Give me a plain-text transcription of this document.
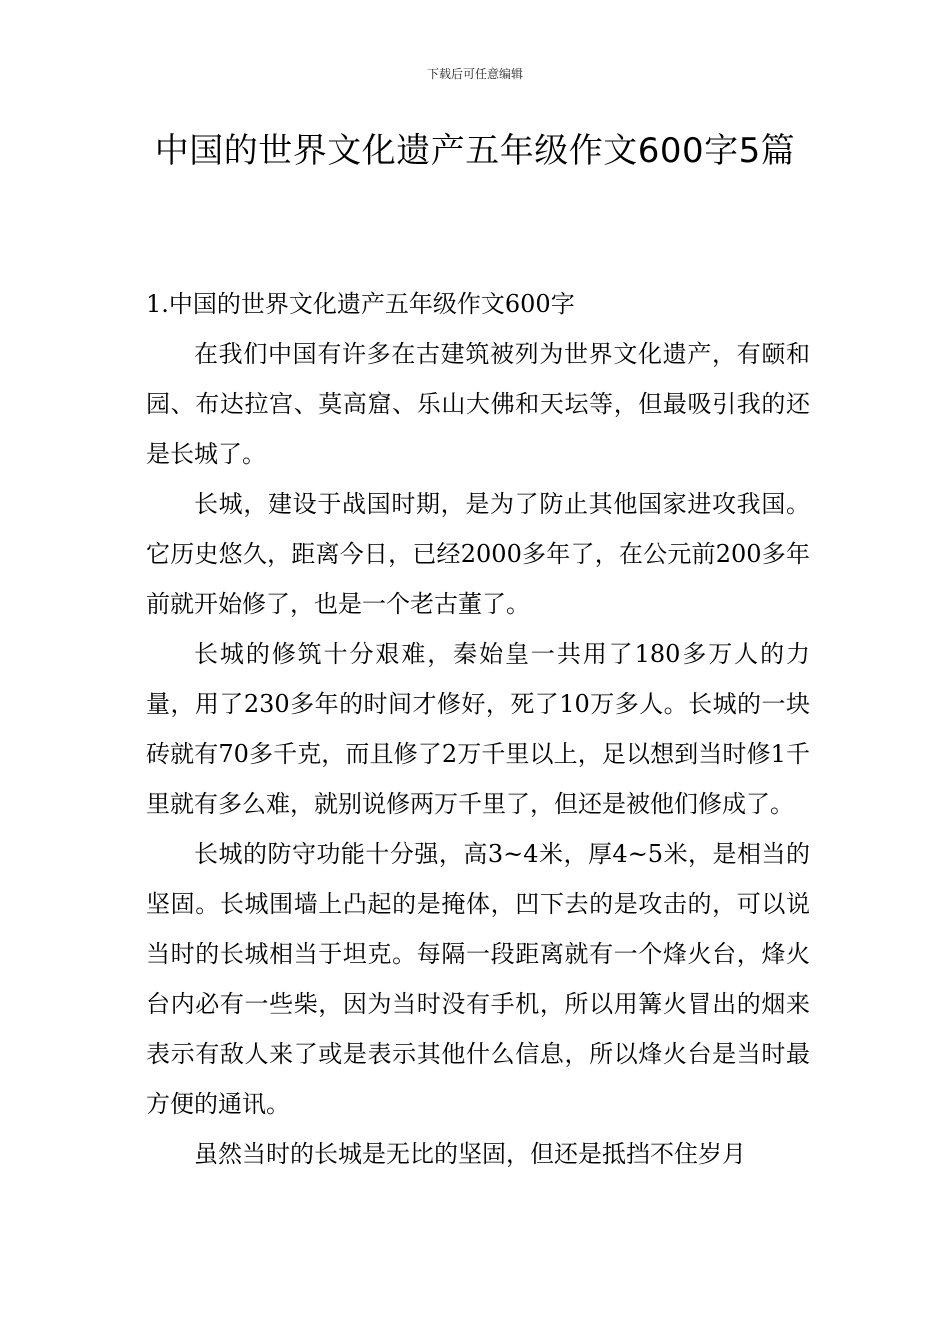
下载后可任意编辑
中国的世界文化遗产五年级作文600字5篇
1.中国的世界文化遗产五年级作文600字

在我们中国有许多在古建筑被列为世界文化遗产，有颐和园、布达拉宫、莫高窟、乐山大佛和天坛等，但最吸引我的还是长城了。

长城，建设于战国时期，是为了防止其他国家进攻我国。它历史悠久，距离今日，已经2000多年了，在公元前200多年前就开始修了，也是一个老古董了。

长城的修筑十分艰难，秦始皇一共用了180多万人的力量，用了230多年的时间才修好，死了10万多人。长城的一块砖就有70多千克，而且修了2万千里以上，足以想到当时修1千里就有多么难，就别说修两万千里了，但还是被他们修成了。

长城的防守功能十分强，高3~4米，厚4~5米，是相当的坚固。长城围墙上凸起的是掩体，凹下去的是攻击的，可以说当时的长城相当于坦克。每隔一段距离就有一个烽火台，烽火台内必有一些柴，因为当时没有手机，所以用篝火冒出的烟来表示有敌人来了或是表示其他什么信息，所以烽火台是当时最方便的通讯。

虽然当时的长城是无比的坚固，但还是抵挡不住岁月
